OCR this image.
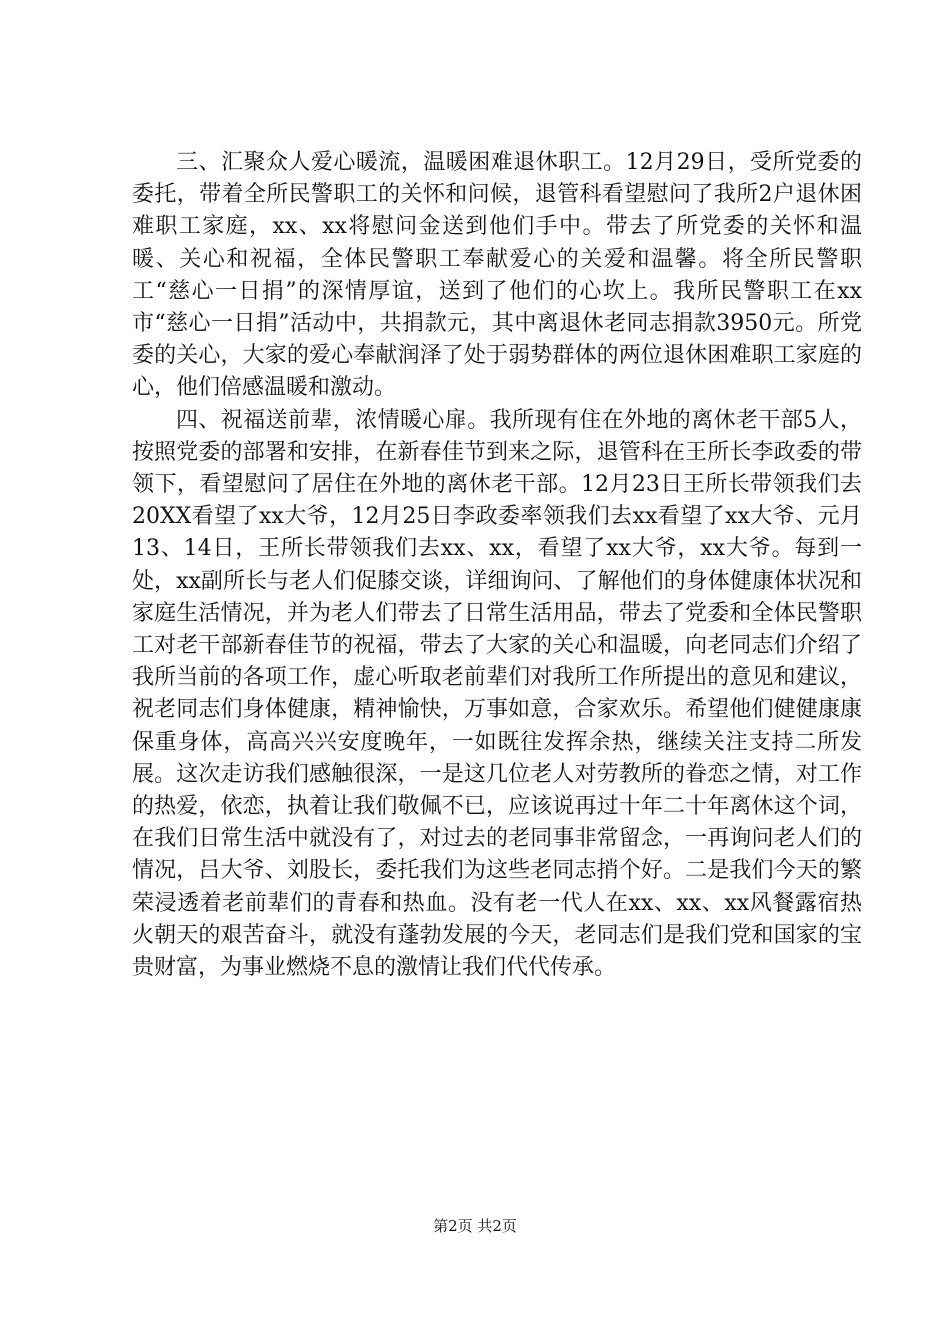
三、汇聚众人爱心暖流，温暖困难退休职工。12月29日，受所党委的委托，带着全所民警职工的关怀和问候，退管科看望慰问了我所2户退休困难职工家庭，xx、xx将慰问金送到他们手中。带去了所党委的关怀和温暖、关心和祝福，全体民警职工奉献爱心的关爱和温馨。将全所民警职工“慈心一日捐”的深情厚谊，送到了他们的心坎上。我所民警职工在xx市“慈心一日捐”活动中，共捐款元，其中离退休老同志捐款3950元。所党委的关心，大家的爱心奉献润泽了处于弱势群体的两位退休困难职工家庭的心，他们倍感温暖和激动。

四、祝福送前辈，浓情暖心扉。我所现有住在外地的离休老干部5人，按照党委的部署和安排，在新春佳节到来之际，退管科在王所长李政委的带领下，看望慰问了居住在外地的离休老干部。12月23日王所长带领我们去20XX看望了xx大爷，12月25日李政委率领我们去xx看望了xx大爷、元月13、14日，王所长带领我们去xx、xx，看望了xx大爷，xx大爷。每到一处，xx副所长与老人们促膝交谈，详细询问、了解他们的身体健康体状况和家庭生活情况，并为老人们带去了日常生活用品，带去了党委和全体民警职工对老干部新春佳节的祝福，带去了大家的关心和温暖，向老同志们介绍了我所当前的各项工作，虚心听取老前辈们对我所工作所提出的意见和建议，祝老同志们身体健康，精神愉快，万事如意，合家欢乐。希望他们健健康康保重身体，高高兴兴安度晚年，一如既往发挥余热，继续关注支持二所发展。这次走访我们感触很深，一是这几位老人对劳教所的眷恋之情，对工作的热爱，依恋，执着让我们敬佩不已，应该说再过十年二十年离休这个词，在我们日常生活中就没有了，对过去的老同事非常留念，一再询问老人们的情况，吕大爷、刘股长，委托我们为这些老同志捎个好。二是我们今天的繁荣浸透着老前辈们的青春和热血。没有老一代人在xx、xx、xx风餐露宿热火朝天的艰苦奋斗，就没有蓬勃发展的今天，老同志们是我们党和国家的宝贵财富，为事业燃烧不息的激情让我们代代传承。

第2页 共2页
